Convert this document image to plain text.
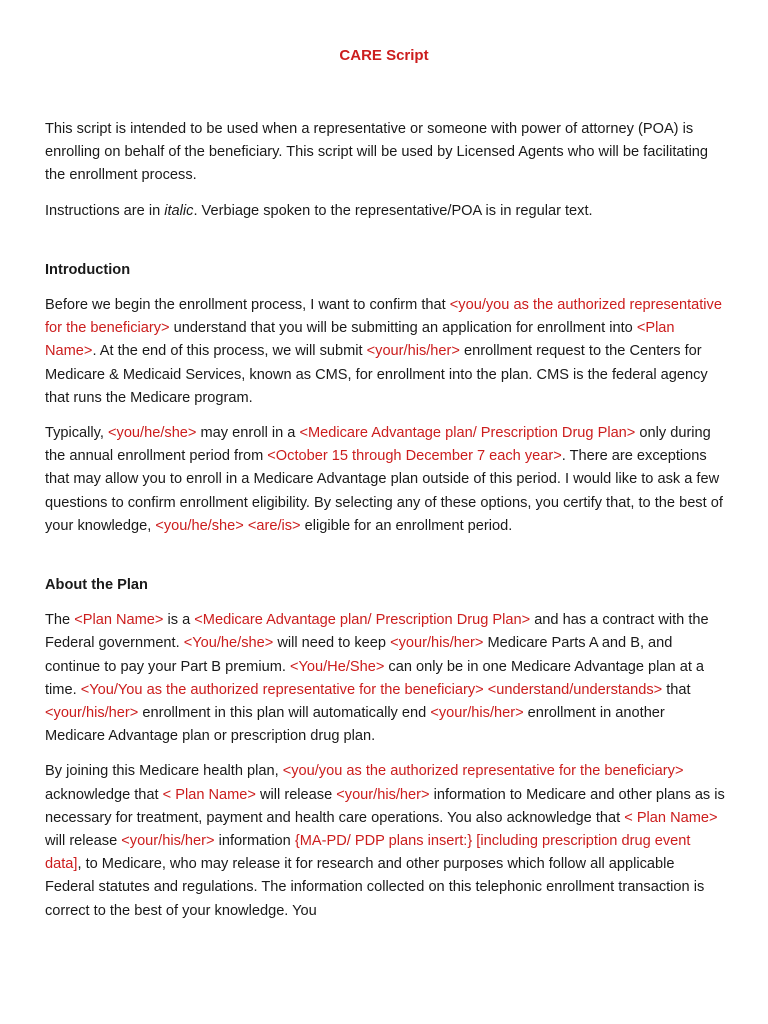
CARE Script

This script is intended to be used when a representative or someone with power of attorney (POA) is enrolling on behalf of the beneficiary. This script will be used by Licensed Agents who will be facilitating the enrollment process.

Instructions are in italic. Verbiage spoken to the representative/POA is in regular text.

Introduction

Before we begin the enrollment process, I want to confirm that <you/you as the authorized representative for the beneficiary> understand that you will be submitting an application for enrollment into <Plan Name>. At the end of this process, we will submit <your/his/her> enrollment request to the Centers for Medicare & Medicaid Services, known as CMS, for enrollment into the plan. CMS is the federal agency that runs the Medicare program.

Typically, <you/he/she> may enroll in a <Medicare Advantage plan/ Prescription Drug Plan> only during the annual enrollment period from <October 15 through December 7 each year>. There are exceptions that may allow you to enroll in a Medicare Advantage plan outside of this period. I would like to ask a few questions to confirm enrollment eligibility. By selecting any of these options, you certify that, to the best of your knowledge, <you/he/she> <are/is> eligible for an enrollment period.

About the Plan

The <Plan Name> is a <Medicare Advantage plan/ Prescription Drug Plan> and has a contract with the Federal government. <You/he/she> will need to keep <your/his/her> Medicare Parts A and B, and continue to pay your Part B premium. <You/He/She> can only be in one Medicare Advantage plan at a time. <You/You as the authorized representative for the beneficiary> <understand/understands> that <your/his/her> enrollment in this plan will automatically end <your/his/her> enrollment in another Medicare Advantage plan or prescription drug plan.

By joining this Medicare health plan, <you/you as the authorized representative for the beneficiary> acknowledge that < Plan Name> will release <your/his/her> information to Medicare and other plans as is necessary for treatment, payment and health care operations. You also acknowledge that < Plan Name> will release <your/his/her> information {MA-PD/ PDP plans insert:} [including prescription drug event data], to Medicare, who may release it for research and other purposes which follow all applicable Federal statutes and regulations. The information collected on this telephonic enrollment transaction is correct to the best of your knowledge. You
